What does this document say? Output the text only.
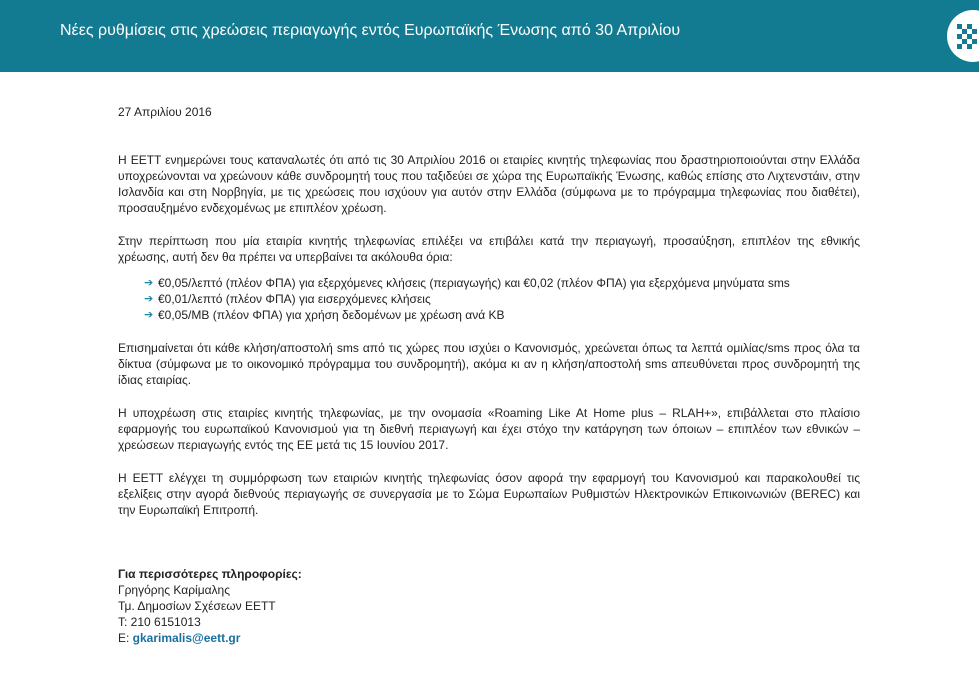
Νέες ρυθμίσεις στις χρεώσεις περιαγωγής εντός Ευρωπαϊκής Ένωσης από 30 Απριλίου
27 Απριλίου 2016

Η ΕΕΤΤ ενημερώνει τους καταναλωτές ότι από τις 30 Απριλίου 2016 οι εταιρίες κινητής τηλεφωνίας που δραστηριοποιούνται στην Ελλάδα υποχρεώνονται να χρεώνουν κάθε συνδρομητή τους που ταξιδεύει σε χώρα της Ευρωπαϊκής Ένωσης, καθώς επίσης στο Λιχτενστάιν, στην Ισλανδία και στη Νορβηγία, με τις χρεώσεις που ισχύουν για αυτόν στην Ελλάδα (σύμφωνα με το πρόγραμμα τηλεφωνίας που διαθέτει), προσαυξημένο ενδεχομένως με επιπλέον χρέωση.

Στην περίπτωση που μία εταιρία κινητής τηλεφωνίας επιλέξει να επιβάλει κατά την περιαγωγή, προσαύξηση, επιπλέον της εθνικής χρέωσης, αυτή δεν θα πρέπει να υπερβαίνει τα ακόλουθα όρια:

➔ €0,05/λεπτό (πλέον ΦΠΑ) για εξερχόμενες κλήσεις (περιαγωγής) και €0,02 (πλέον ΦΠΑ) για εξερχόμενα μηνύματα sms
➔ €0,01/λεπτό (πλέον ΦΠΑ) για εισερχόμενες κλήσεις
➔ €0,05/MB (πλέον ΦΠΑ) για χρήση δεδομένων με χρέωση ανά KB

Επισημαίνεται ότι κάθε κλήση/αποστολή sms από τις χώρες που ισχύει ο Κανονισμός, χρεώνεται όπως τα λεπτά ομιλίας/sms προς όλα τα δίκτυα (σύμφωνα με το οικονομικό πρόγραμμα του συνδρομητή), ακόμα κι αν η κλήση/αποστολή sms απευθύνεται προς συνδρομητή της ίδιας εταιρίας.

Η υποχρέωση στις εταιρίες κινητής τηλεφωνίας, με την ονομασία «Roaming Like At Home plus – RLAH+», επιβάλλεται στο πλαίσιο εφαρμογής του ευρωπαϊκού Κανονισμού για τη διεθνή περιαγωγή και έχει στόχο την κατάργηση των όποιων – επιπλέον των εθνικών – χρεώσεων περιαγωγής εντός της ΕΕ μετά τις 15 Ιουνίου 2017.

Η ΕΕΤΤ ελέγχει τη συμμόρφωση των εταιριών κινητής τηλεφωνίας όσον αφορά την εφαρμογή του Κανονισμού και παρακολουθεί τις εξελίξεις στην αγορά διεθνούς περιαγωγής σε συνεργασία με το Σώμα Ευρωπαίων Ρυθμιστών Ηλεκτρονικών Επικοινωνιών (BEREC) και την Ευρωπαϊκή Επιτροπή.

Για περισσότερες πληροφορίες:
Γρηγόρης Καρίμαλης
Τμ. Δημοσίων Σχέσεων ΕΕΤΤ
Τ: 210 6151013
E: gkarimalis@eett.gr
